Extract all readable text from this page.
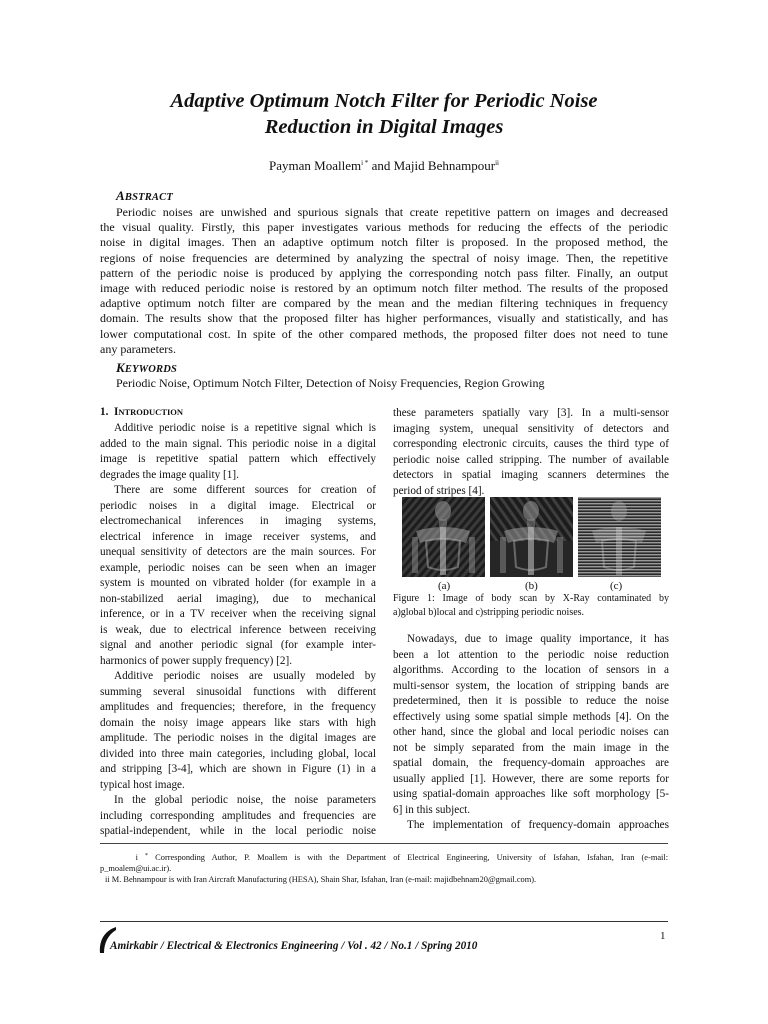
Adaptive Optimum Notch Filter for Periodic Noise
Reduction in Digital Images
Payman Moallem$^{i *}$ and Majid Behnampour$^{ii}$
ABSTRACT
Periodic noises are unwished and spurious signals that create repetitive pattern on images and decreased
the visual quality. Firstly, this paper investigates various methods for reducing the effects of the periodic
noise in digital images. Then an adaptive optimum notch filter is proposed. In the proposed method, the
regions of noise frequencies are determined by analyzing the spectral of noisy image. Then, the repetitive
pattern of the periodic noise is produced by applying the corresponding notch pass filter. Finally, an output
image with reduced periodic noise is restored by an optimum notch filter method. The results of the proposed
adaptive optimum notch filter are compared by the mean and the median filtering techniques in frequency
domain. The results show that the proposed filter has higher performances, visually and statistically, and has
lower computational cost. In spite of the other compared methods, the proposed filter does not need to tune
any parameters.
KEYWORDS
Periodic Noise, Optimum Notch Filter, Detection of Noisy Frequencies, Region Growing
1. INTRODUCTION
Additive periodic noise is a repetitive signal which is
added to the main signal. This periodic noise in a digital
image is repetitive spatial pattern which effectively
degrades the image quality [1].
There are some different sources for creation of
periodic noises in a digital image. Electrical or
electromechanical inferences in imaging systems,
electrical inference in image receiver systems, and
unequal sensitivity of detectors are the main sources. For
example, periodic noises can be seen when an imager
system is mounted on vibrated holder (for example in a
non-stabilized aerial imaging), due to mechanical
inference, or in a TV receiver when the receiving signal
is weak, due to electrical inference between receiving
signal and another periodic signal (for example inter-
harmonics of power supply frequency) [2].
Additive periodic noises are usually modeled by
summing several sinusoidal functions with different
amplitudes and frequencies; therefore, in the frequency
domain the noisy image appears like stars with high
amplitude. The periodic noises in the digital images are
divided into three main categories, including global, local
and stripping [3-4], which are shown in Figure (1) in a
typical host image.
In the global periodic noise, the noise parameters
including corresponding amplitudes and frequencies are
spatial-independent, while in the local periodic noise
these parameters spatially vary [3]. In a multi-sensor
imaging system, unequal sensitivity of detectors and
corresponding electronic circuits, causes the third type of
periodic noise called stripping. The number of available
detectors in spatial imaging scanners determines the
period of stripes [4].
(a)	(b)	(c)
Figure 1: Image of body scan by X-Ray contaminated by
a)global b)local and c)stripping periodic noises.
Nowadays, due to image quality importance, it has
been a lot attention to the periodic noise reduction
algorithms. According to the location of sensors in a
multi-sensor system, the location of stripping bands are
predetermined, then it is possible to reduce the noise
effectively using some spatial simple methods [4]. On the
other hand, since the global and local periodic noises can
not be simply separated from the main image in the
spatial domain, the frequency-domain approaches are
usually applied [1]. However, there are some reports for
using spatial-domain approaches like soft morphology [5-
6] in this subject.
The implementation of frequency-domain approaches
i * Corresponding Author, P. Moallem is with the Department of Electrical Engineering, University of Isfahan, Isfahan, Iran (e-mail:
p_moalem@ui.ac.ir).
ii M. Behnampour is with Iran Aircraft Manufacturing (HESA), Shain Shar, Isfahan, Iran (e-mail: majidbehnam20@gmail.com).
Amirkabir / Electrical & Electronics Engineering / Vol . 42 / No.1 / Spring 2010
1
